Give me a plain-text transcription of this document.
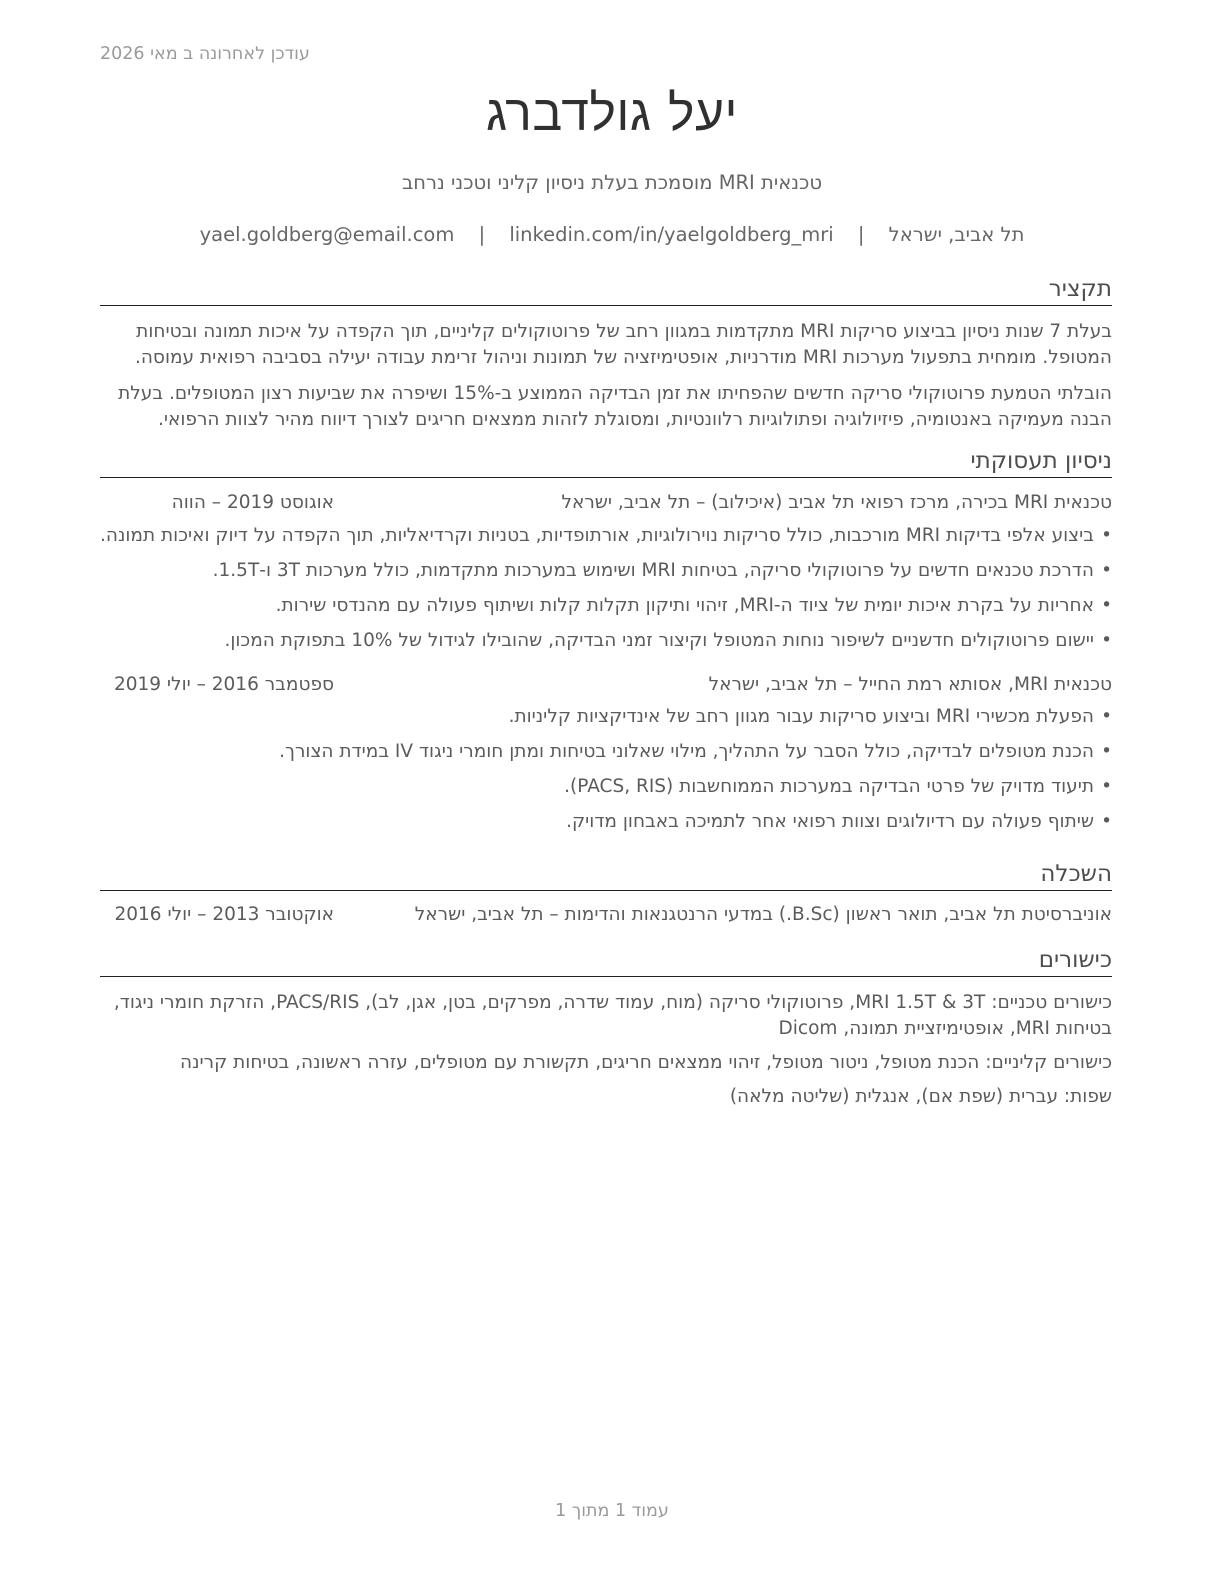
עודכן לאחרונה ב מאי 2026
יעל גולדברג
טכנאית MRI מוסמכת בעלת ניסיון קליני וטכני נרחב
תל אביב, ישראל | yael.goldberg@email.com | linkedin.com/in/yaelgoldberg_mri
תקציר

בעלת 7 שנות ניסיון בביצוע סריקות MRI מתקדמות במגוון רחב של פרוטוקולים קליניים, תוך הקפדה על איכות תמונה ובטיחות המטופל. מומחית בתפעול מערכות MRI מודרניות, אופטימיזציה של תמונות וניהול זרימת עבודה יעילה בסביבה רפואית עמוסה.

הובלתי הטמעת פרוטוקולי סריקה חדשים שהפחיתו את זמן הבדיקה הממוצע ב-15% ושיפרה את שביעות רצון המטופלים. בעלת הבנה מעמיקה באנטומיה, פיזיולוגיה ופתולוגיות רלוונטיות, ומסוגלת לזהות ממצאים חריגים לצורך דיווח מהיר לצוות הרפואי.

ניסיון תעסוקתי
טכנאית MRI בכירה, מרכז רפואי תל אביב (איכילוב) – תל אביב, ישראל
אוגוסט 2019 – הווה
• ביצוע אלפי בדיקות MRI מורכבות, כולל סריקות נוירולוגיות, אורתופדיות, בטניות וקרדיאליות, תוך הקפדה על דיוק ואיכות תמונה.
• הדרכת טכנאים חדשים על פרוטוקולי סריקה, בטיחות MRI ושימוש במערכות מתקדמות, כולל מערכות 3T ו-1.5T.
• אחריות על בקרת איכות יומית של ציוד ה-MRI, זיהוי ותיקון תקלות קלות ושיתוף פעולה עם מהנדסי שירות.
• יישום פרוטוקולים חדשניים לשיפור נוחות המטופל וקיצור זמני הבדיקה, שהובילו לגידול של 10% בתפוקת המכון.
טכנאית MRI, אסותא רמת החייל – תל אביב, ישראל
ספטמבר 2016 – יולי 2019
• הפעלת מכשירי MRI וביצוע סריקות עבור מגוון רחב של אינדיקציות קליניות.
• הכנת מטופלים לבדיקה, כולל הסבר על התהליך, מילוי שאלוני בטיחות ומתן חומרי ניגוד IV במידת הצורך.
• תיעוד מדויק של פרטי הבדיקה במערכות הממוחשבות (PACS, RIS).
• שיתוף פעולה עם רדיולוגים וצוות רפואי אחר לתמיכה באבחון מדויק.
השכלה
אוניברסיטת תל אביב, תואר ראשון (B.Sc.) במדעי הרנטגנאות והדימות – תל אביב, ישראל
אוקטובר 2013 – יולי 2016
כישורים

כישורים טכניים: MRI 1.5T & 3T, פרוטוקולי סריקה (מוח, עמוד שדרה, מפרקים, בטן, אגן, לב), PACS/RIS, הזרקת חומרי ניגוד, בטיחות MRI, אופטימיזציית תמונה, Dicom

כישורים קליניים: הכנת מטופל, ניטור מטופל, זיהוי ממצאים חריגים, תקשורת עם מטופלים, עזרה ראשונה, בטיחות קרינה

שפות: עברית (שפת אם), אנגלית (שליטה מלאה)

עמוד 1 מתוך 1
